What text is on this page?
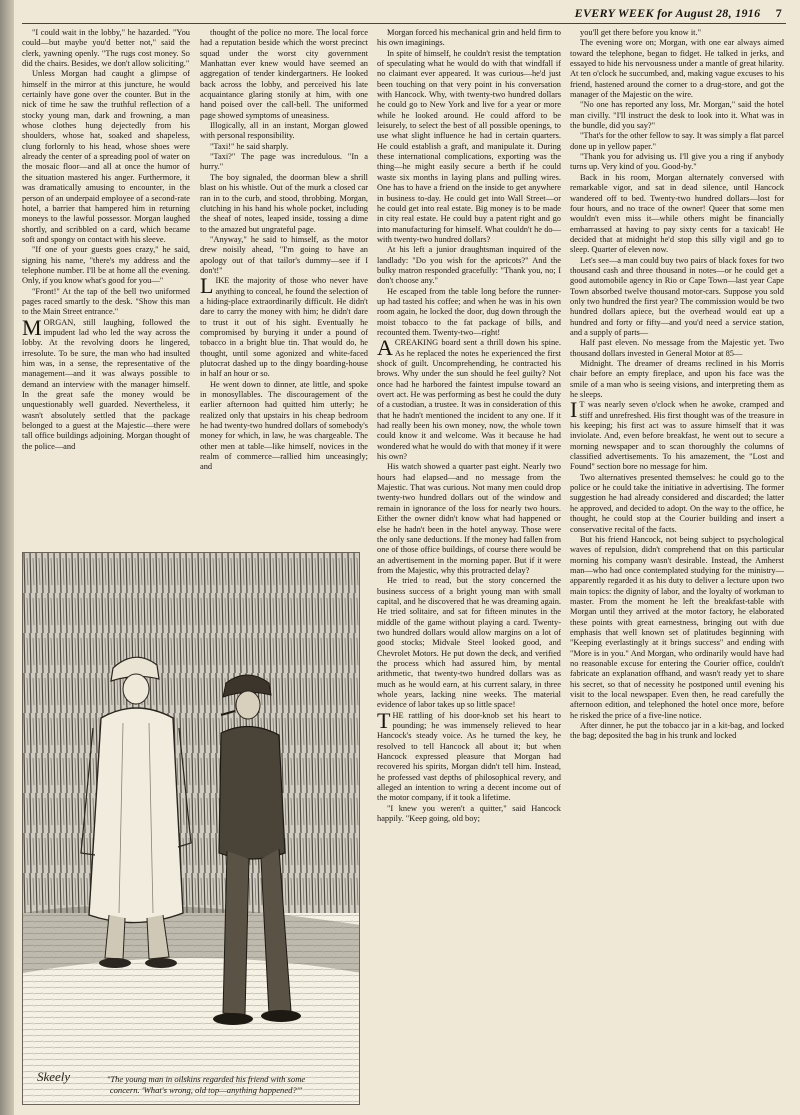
EVERY WEEK for August 28, 1916 7

"I could wait in the lobby," he hazarded. "You could—but maybe you'd better not," said the clerk, yawning openly. "The rugs cost money. So did the chairs. Besides, we don't allow soliciting."

Unless Morgan had caught a glimpse of himself in the mirror at this juncture, he would certainly have gone over the counter. But in the nick of time he saw the truthful reflection of a stocky young man, dark and frowning, a man whose clothes hung dejectedly from his shoulders, whose hat, soaked and shapeless, clung forlornly to his head, whose shoes were already the center of a spreading pool of water on the mosaic floor—and all at once the humor of the situation mastered his anger. Furthermore, it was dramatically amusing to encounter, in the person of an underpaid employee of a second-rate hotel, a barrier that hampered him in returning moneys to the lawful possessor. Morgan laughed shortly, and scribbled on a card, which became soft and spongy on contact with his sleeve.

"If one of your guests goes crazy," he said, signing his name, "there's my address and the telephone number. I'll be at home all the evening. Only, if you know what's good for you—"

"Front!" At the tap of the bell two uniformed pages raced smartly to the desk. "Show this man to the Main Street entrance."

MORGAN, still laughing, followed the impudent lad who led the way across the lobby. At the revolving doors he lingered, irresolute. To be sure, the man who had insulted him was, in a sense, the representative of the management—and it was always possible to demand an interview with the manager himself. In the great safe the money would be unquestionably well guarded. Nevertheless, it wasn't absolutely settled that the package belonged to a guest at the Majestic—there were tall office buildings adjoining. Morgan thought of the police—and

thought of the police no more. The local force had a reputation beside which the worst precinct squad under the worst city government Manhattan ever knew would have seemed an aggregation of tender kindergartners. He looked back across the lobby, and perceived his late acquaintance glaring stonily at him, with one hand poised over the call-bell. The uniformed page showed symptoms of uneasiness.

Illogically, all in an instant, Morgan glowed with personal responsibility.

"Taxi!" he said sharply.

"Taxi?" The page was incredulous. "In a hurry."

The boy signaled, the doorman blew a shrill blast on his whistle. Out of the murk a closed car ran in to the curb, and stood, throbbing. Morgan, clutching in his hand his whole pocket, including the sheaf of notes, leaped inside, tossing a dime to the amazed but ungrateful page.

"Anyway," he said to himself, as the motor drew noisily ahead, "I'm going to have an apology out of that tailor's dummy—see if I don't!"

LIKE the majority of those who never have anything to conceal, he found the selection of a hiding-place extraordinarily difficult. He didn't dare to carry the money with him; he didn't dare to trust it out of his sight. Eventually he compromised by burying it under a pound of tobacco in a bright blue tin. That would do, he thought, until some agonized and white-faced plutocrat dashed up to the dingy boarding-house in half an hour or so.

He went down to dinner, ate little, and spoke in monosyllables. The discouragement of the earlier afternoon had quitted him utterly; he realized only that upstairs in his cheap bedroom he had twenty-two hundred dollars of somebody's money for which, in law, he was chargeable. The other men at table—like himself, novices in the realm of commerce—rallied him unceasingly; and

Morgan forced his mechanical grin and held firm to his own imaginings.

In spite of himself, he couldn't resist the temptation of speculating what he would do with that windfall if no claimant ever appeared. It was curious—he'd just been touching on that very point in his conversation with Hancock. Why, with twenty-two hundred dollars he could go to New York and live for a year or more while he looked around. He could afford to be leisurely, to select the best of all possible openings, to use what slight influence he had in certain quarters. He could establish a graft, and manipulate it. During these international complications, exporting was the thing—he might easily secure a berth if he could waste six months in laying plans and pulling wires. One has to have a friend on the inside to get anywhere in business to-day. He could get into Wall Street—or he could get into real estate. Big money is to be made in city real estate. He could buy a patent right and go into manufacturing for himself. What couldn't he do—with twenty-two hundred dollars?

At his left a junior draughtsman inquired of the landlady: "Do you wish for the apricots?" And the bulky matron responded gracefully: "Thank you, no; I don't choose any."

He escaped from the table long before the runner-up had tasted his coffee; and when he was in his own room again, he locked the door, dug down through the moist tobacco to the fat package of bills, and recounted them. Twenty-two—right!

A CREAKING board sent a thrill down his spine. As he replaced the notes he experienced the first shock of guilt. Uncomprehending, he contracted his brows. Why under the sun should he feel guilty? Not once had he harbored the faintest impulse toward an overt act. He was performing as best he could the duty of a custodian, a trustee. It was in consideration of this that he hadn't mentioned the incident to any one. If it had really been his own money, now, the whole town could know it and welcome. Was it because he had wondered what he would do with that money if it were his own?

His watch showed a quarter past eight. Nearly two hours had elapsed—and no message from the Majestic. That was curious. Not many men could drop twenty-two hundred dollars out of the window and remain in ignorance of the loss for nearly two hours. Either the owner didn't know what had happened or else he hadn't been in the hotel anyway. Those were the only sane deductions. If the money had fallen from one of those office buildings, of course there would be an advertisement in the morning paper. But if it were from the Majestic, why this protracted delay?

He tried to read, but the story concerned the business success of a bright young man with small capital, and he discovered that he was dreaming again. He tried solitaire, and sat for fifteen minutes in the middle of the game without playing a card. Twenty-two hundred dollars would allow margins on a lot of good stocks; Midvale Steel looked good, and Chevrolet Motors. He put down the deck, and verified the process which had assured him, by mental arithmetic, that twenty-two hundred dollars was as much as he would earn, at his current salary, in three whole years, lacking nine weeks. The material evidence of labor takes up so little space!

THE rattling of his door-knob set his heart to pounding; he was immensely relieved to hear Hancock's steady voice. As he turned the key, he resolved to tell Hancock all about it; but when Hancock expressed pleasure that Morgan had recovered his spirits, Morgan didn't tell him. Instead, he professed vast depths of philosophical revery, and alleged an intention to wring a decent income out of the motor company, if it took a lifetime.

"I knew you weren't a quitter," said Hancock happily. "Keep going, old boy;

you'll get there before you know it."

The evening wore on; Morgan, with one ear always aimed toward the telephone, began to fidget. He talked in jerks, and essayed to hide his nervousness under a mantle of great hilarity. At ten o'clock he succumbed, and, making vague excuses to his friend, hastened around the corner to a drug-store, and got the manager of the Majestic on the wire.

"No one has reported any loss, Mr. Morgan," said the hotel man civilly. "I'll instruct the desk to look into it. What was in the bundle, did you say?"

"That's for the other fellow to say. It was simply a flat parcel done up in yellow paper."

"Thank you for advising us. I'll give you a ring if anybody turns up. Very kind of you. Good-by."

Back in his room, Morgan alternately conversed with remarkable vigor, and sat in dead silence, until Hancock wandered off to bed. Twenty-two hundred dollars—lost for four hours, and no trace of the owner! Queer that some men wouldn't even miss it—while others might be financially embarrassed at having to pay sixty cents for a taxicab! He decided that at midnight he'd stop this silly vigil and go to sleep. Quarter of eleven now.

Let's see—a man could buy two pairs of black foxes for two thousand cash and three thousand in notes—or he could get a good automobile agency in Rio or Cape Town—last year Cape Town absorbed twelve thousand motor-cars. Suppose you sold only two hundred the first year? The commission would be two hundred dollars apiece, but the overhead would eat up a hundred and forty or fifty—and you'd need a service station, and a supply of parts—

Half past eleven. No message from the Majestic yet. Two thousand dollars invested in General Motor at 85—

Midnight. The dreamer of dreams reclined in his Morris chair before an empty fireplace, and upon his face was the smile of a man who is seeing visions, and interpreting them as he sleeps.

I T was nearly seven o'clock when he awoke, cramped and stiff and unrefreshed. His first thought was of the treasure in his keeping; his first act was to assure himself that it was inviolate. And, even before breakfast, he went out to secure a morning newspaper and to scan thoroughly the columns of classified advertisements. To his amazement, the "Lost and Found" section bore no message for him.

Two alternatives presented themselves: he could go to the police or he could take the initiative in advertising. The former suggestion he had already considered and discarded; the latter he approved, and decided to adopt. On the way to the office, he thought, he could stop at the Courier building and insert a conservative recital of the facts.

But his friend Hancock, not being subject to psychological waves of repulsion, didn't comprehend that on this particular morning his company wasn't desirable. Instead, the Amherst man—who had once contemplated studying for the ministry—apparently regarded it as his duty to deliver a lecture upon two main topics: the dignity of labor, and the loyalty of workman to master. From the moment he left the breakfast-table with Morgan until they arrived at the motor factory, he elaborated these points with great earnestness, bringing out with due emphasis that well known set of platitudes beginning with "Keeping everlastingly at it brings success" and ending with "More is in you." And Morgan, who ordinarily would have had no reasonable excuse for entering the Courier office, couldn't fabricate an explanation offhand, and wasn't ready yet to share his secret, so that of necessity he postponed until evening his visit to the local newspaper. Even then, he read carefully the afternoon edition, and telephoned the hotel once more, before he risked the price of a five-line notice.

After dinner, he put the tobacco jar in a kit-bag, and locked the bag; deposited the bag in his trunk and locked

Skeely	"The young man in oilskins regarded his friend with some
concern. 'What's wrong, old top—anything happened?'"
